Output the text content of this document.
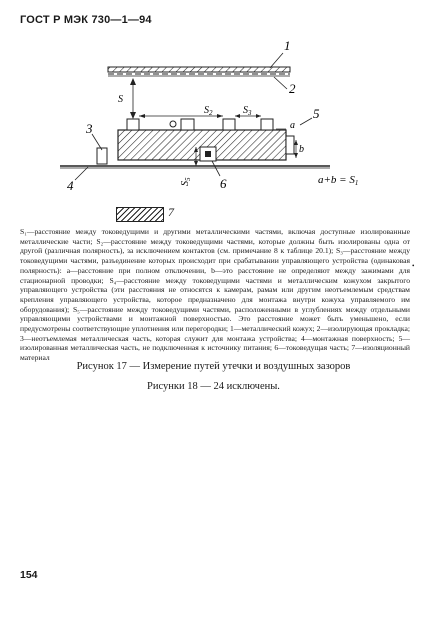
ГОСТ Р МЭК 730—1—94
1
2
3
4
5
6
S
$S_2$	$S_3$
a
b
$S_5$	a+b = S1
7
S₁—расстояние между токоведущими и другими металлическими частями, включая доступные изолированные металлические части; S₂—расстояние между токоведущими частями, которые должны быть изолированы одна от другой (различная полярность), за исключением контактов (см. примечание 8 к таблице 20.1); S₃—расстояние между токоведущими частями, разъединение которых происходит при срабатывании управляющего устройства (одинаковая полярность): a—расстояние при полном отключении, b—это расстояние не определяют между зажимами для стационарной проводки; S₄—расстояние между токоведущими частями и металлическим кожухом закрытого управляющего устройства (эти расстояния не относятся к камерам, рамам или другим неотъемлемым средствам крепления управляющего устройства, которое предназначено для монтажа внутри кожуха управляемого им оборудования); S₅—расстояние между токоведущими частями, расположенными в углублениях между отдельными управляющими устройствами и монтажной поверхностью. Это расстояние может быть уменьшено, если предусмотрены соответствующие уплотнения или перегородки; 1—металлический кожух; 2—изолирующая прокладка; 3—неотъемлемая металлическая часть, которая служит для монтажа устройства; 4—монтажная поверхность; 5—изолированная металлическая часть, не подключенная к источнику питания; 6—токоведущая часть; 7—изоляционный материал
•
Рисунок 17 — Измерение путей утечки и воздушных зазоров
Рисунки 18 — 24 исключены.
154
